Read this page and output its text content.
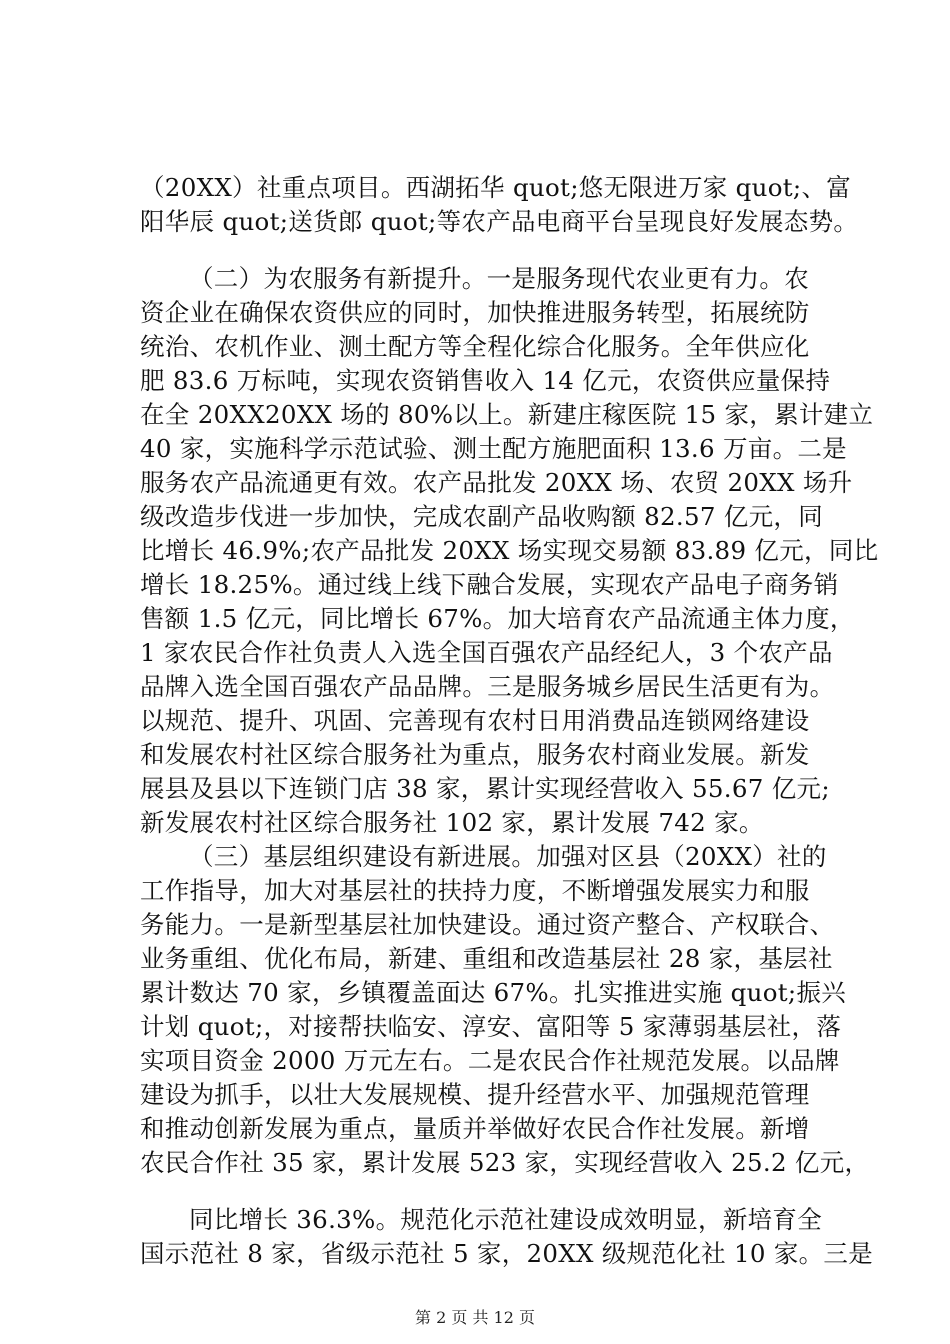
（20XX）社重点项目。西湖拓华 quot;悠无限进万家 quot;、富
阳华辰 quot;送货郎 quot;等农产品电商平台呈现良好发展态势。
（二）为农服务有新提升。一是服务现代农业更有力。农
资企业在确保农资供应的同时，加快推进服务转型，拓展统防
统治、农机作业、测土配方等全程化综合化服务。全年供应化
肥 83.6 万标吨，实现农资销售收入 14 亿元，农资供应量保持
在全 20XX20XX 场的 80%以上。新建庄稼医院 15 家，累计建立
40 家，实施科学示范试验、测土配方施肥面积 13.6 万亩。二是
服务农产品流通更有效。农产品批发 20XX 场、农贸 20XX 场升
级改造步伐进一步加快，完成农副产品收购额 82.57 亿元，同
比增长 46.9%;农产品批发 20XX 场实现交易额 83.89 亿元，同比
增长 18.25%。通过线上线下融合发展，实现农产品电子商务销
售额 1.5 亿元，同比增长 67%。加大培育农产品流通主体力度，
1 家农民合作社负责人入选全国百强农产品经纪人，3 个农产品
品牌入选全国百强农产品品牌。三是服务城乡居民生活更有为。
以规范、提升、巩固、完善现有农村日用消费品连锁网络建设
和发展农村社区综合服务社为重点，服务农村商业发展。新发
展县及县以下连锁门店 38 家，累计实现经营收入 55.67 亿元;
新发展农村社区综合服务社 102 家，累计发展 742 家。
（三）基层组织建设有新进展。加强对区县（20XX）社的
工作指导，加大对基层社的扶持力度，不断增强发展实力和服
务能力。一是新型基层社加快建设。通过资产整合、产权联合、
业务重组、优化布局，新建、重组和改造基层社 28 家，基层社
累计数达 70 家，乡镇覆盖面达 67%。扎实推进实施 quot;振兴
计划 quot;，对接帮扶临安、淳安、富阳等 5 家薄弱基层社，落
实项目资金 2000 万元左右。二是农民合作社规范发展。以品牌
建设为抓手，以壮大发展规模、提升经营水平、加强规范管理
和推动创新发展为重点，量质并举做好农民合作社发展。新增
农民合作社 35 家，累计发展 523 家，实现经营收入 25.2 亿元，
同比增长 36.3%。规范化示范社建设成效明显，新培育全
国示范社 8 家，省级示范社 5 家，20XX 级规范化社 10 家。三是
第 2 页 共 12 页
